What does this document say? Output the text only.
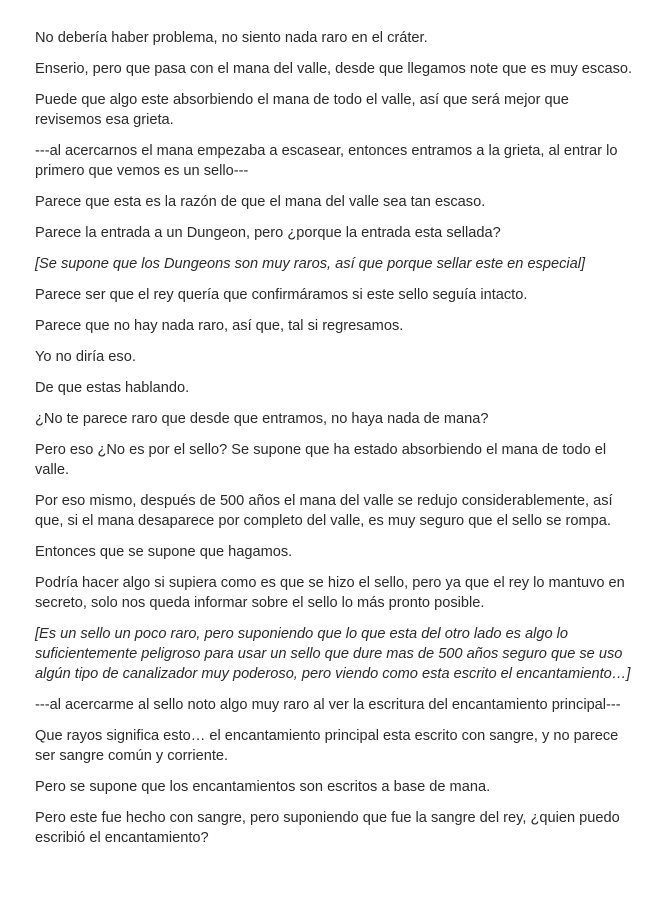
No debería haber problema, no siento nada raro en el cráter.

Enserio, pero que pasa con el mana del valle, desde que llegamos note que es muy escaso.

Puede que algo este absorbiendo el mana de todo el valle, así que será mejor que revisemos esa grieta.

---al acercarnos el mana empezaba a escasear, entonces entramos a la grieta, al entrar lo primero que vemos es un sello---

Parece que esta es la razón de que el mana del valle sea tan escaso.

Parece la entrada a un Dungeon, pero ¿porque la entrada esta sellada?

[Se supone que los Dungeons son muy raros, así que porque sellar este en especial]

Parece ser que el rey quería que confirmáramos si este sello seguía intacto.

Parece que no hay nada raro, así que, tal si regresamos.

Yo no diría eso.

De que estas hablando.

¿No te parece raro que desde que entramos, no haya nada de mana?

Pero eso ¿No es por el sello? Se supone que ha estado absorbiendo el mana de todo el valle.

Por eso mismo, después de 500 años el mana del valle se redujo considerablemente, así que, si el mana desaparece por completo del valle, es muy seguro que el sello se rompa.

Entonces que se supone que hagamos.

Podría hacer algo si supiera como es que se hizo el sello, pero ya que el rey lo mantuvo en secreto, solo nos queda informar sobre el sello lo más pronto posible.

[Es un sello un poco raro, pero suponiendo que lo que esta del otro lado es algo lo suficientemente peligroso para usar un sello que dure mas de 500 años seguro que se uso algún tipo de canalizador muy poderoso, pero viendo como esta escrito el encantamiento…]

---al acercarme al sello noto algo muy raro al ver la escritura del encantamiento principal---

Que rayos significa esto… el encantamiento principal esta escrito con sangre, y no parece ser sangre común y corriente.

Pero se supone que los encantamientos son escritos a base de mana.

Pero este fue hecho con sangre, pero suponiendo que fue la sangre del rey, ¿quien puedo escribió el encantamiento?
